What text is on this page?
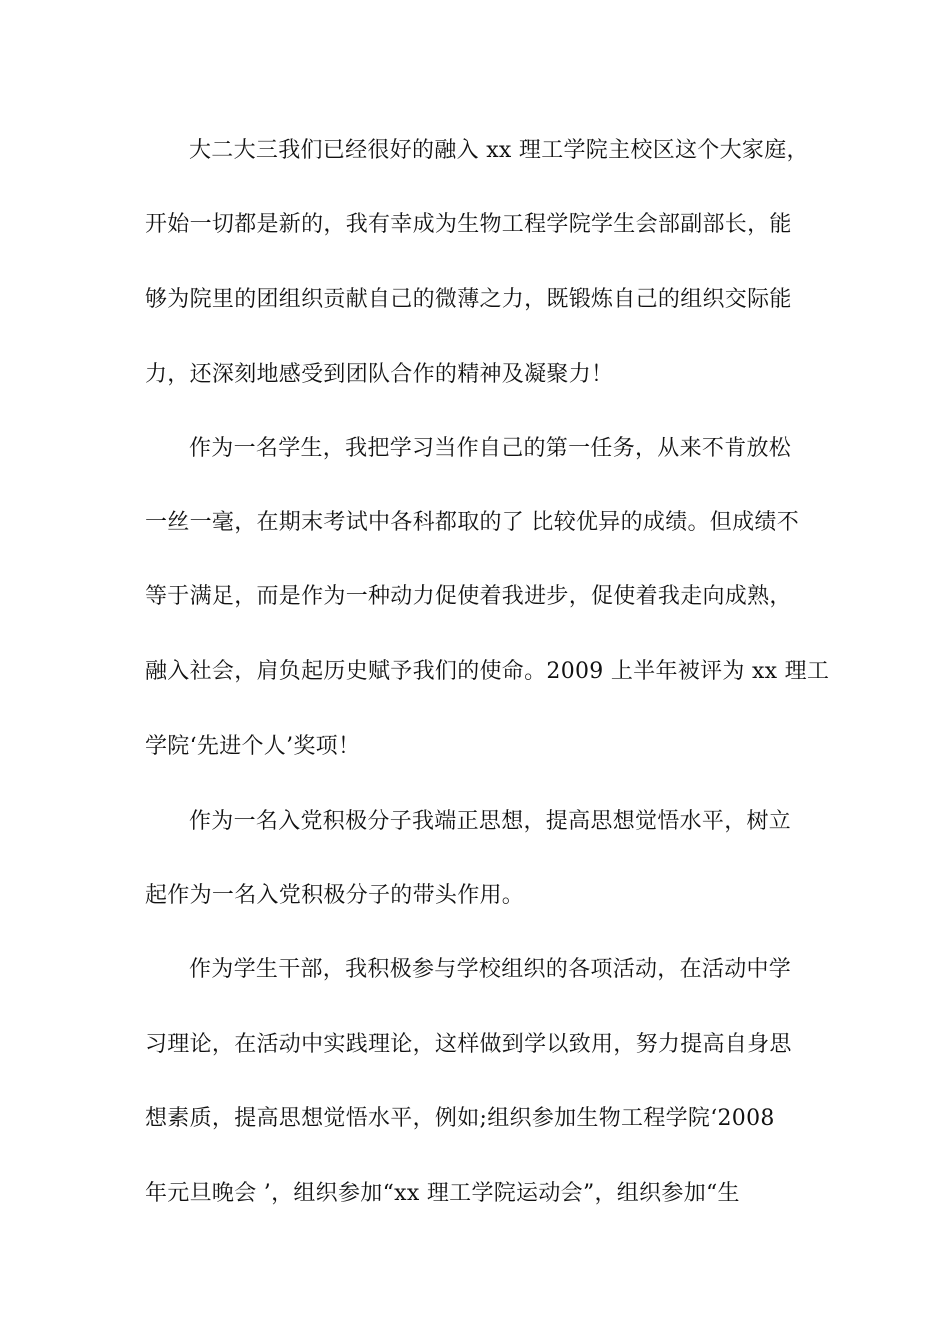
大二大三我们已经很好的融入 xx 理工学院主校区这个大家庭，
开始一切都是新的，我有幸成为生物工程学院学生会部副部长，能
够为院里的团组织贡献自己的微薄之力，既锻炼自己的组织交际能
力，还深刻地感受到团队合作的精神及凝聚力！
作为一名学生，我把学习当作自己的第一任务，从来不肯放松
一丝一毫，在期末考试中各科都取的了 比较优异的成绩。但成绩不
等于满足，而是作为一种动力促使着我进步，促使着我走向成熟，
融入社会，肩负起历史赋予我们的使命。2009 上半年被评为 xx 理工
学院‘先进个人’奖项！
作为一名入党积极分子我端正思想，提高思想觉悟水平，树立
起作为一名入党积极分子的带头作用。
作为学生干部，我积极参与学校组织的各项活动，在活动中学
习理论，在活动中实践理论，这样做到学以致用，努力提高自身思
想素质，提高思想觉悟水平，例如;组织参加生物工程学院‘2008
年元旦晚会 ’，组织参加“xx 理工学院运动会”，组织参加“生
